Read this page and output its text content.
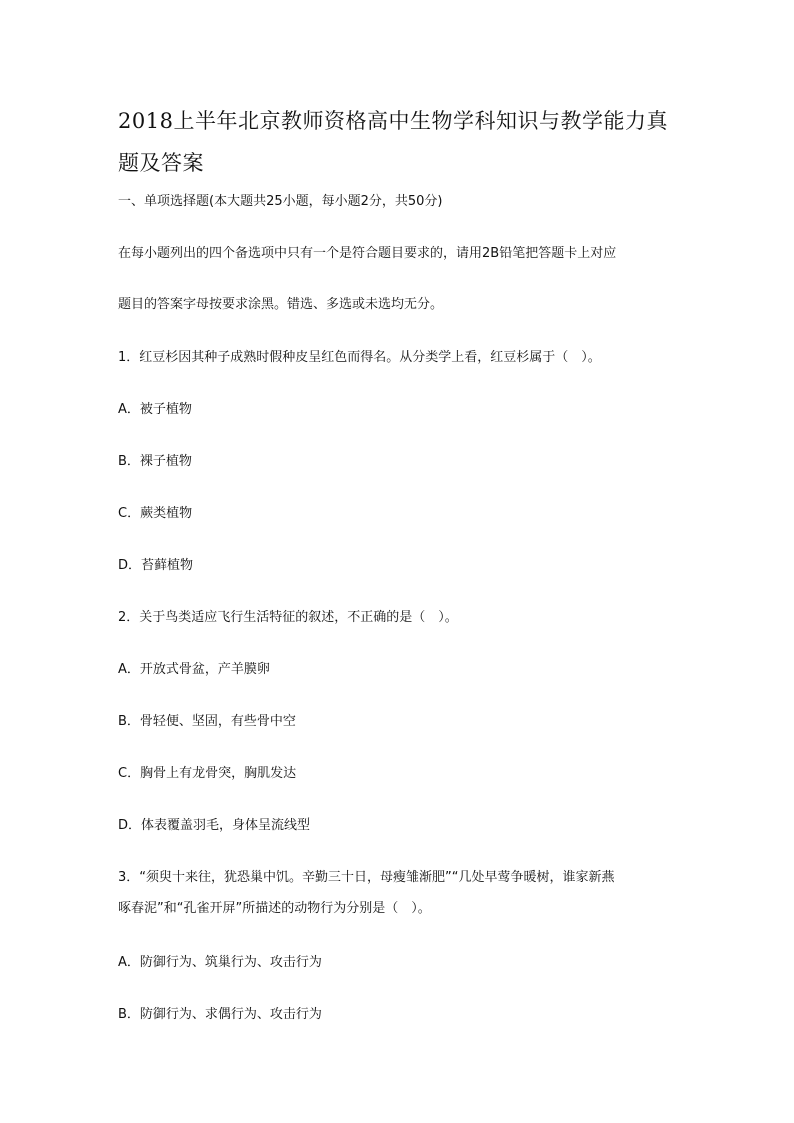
2018上半年北京教师资格高中生物学科知识与教学能力真
题及答案
一、单项选择题(本大题共25小题，每小题2分，共50分)
在每小题列出的四个备选项中只有一个是符合题目要求的，请用2B铅笔把答题卡上对应
题目的答案字母按要求涂黑。错选、多选或未选均无分。
1．红豆杉因其种子成熟时假种皮呈红色而得名。从分类学上看，红豆杉属于（　）。
A．被子植物
B．裸子植物
C．蕨类植物
D．苔藓植物
2．关于鸟类适应飞行生活特征的叙述，不正确的是（　）。
A．开放式骨盆，产羊膜卵
B．骨轻便、坚固，有些骨中空
C．胸骨上有龙骨突，胸肌发达
D．体表覆盖羽毛，身体呈流线型
3．“须臾十来往，犹恐巢中饥。辛勤三十日，母瘦雏渐肥”“几处早莺争暖树，谁家新燕
啄春泥”和“孔雀开屏”所描述的动物行为分别是（　）。
A．防御行为、筑巢行为、攻击行为
B．防御行为、求偶行为、攻击行为
